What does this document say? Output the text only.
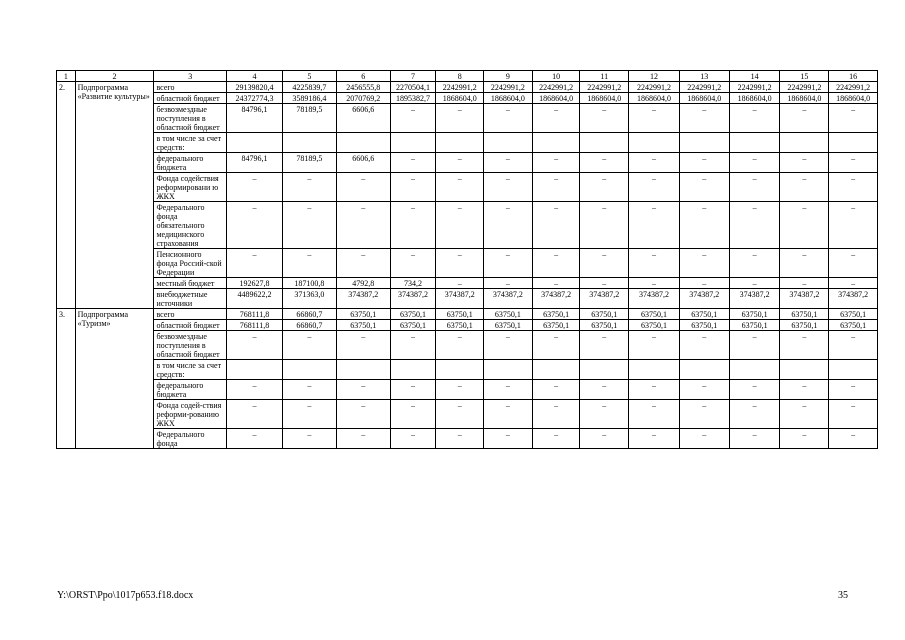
1	2	3	4	5	6	7	8	9	10	11	12	13	14	15	16
2.	Подпрограмма «Развитие культуры»	всего	29139820,4	4225839,7	2456555,8	2270504,1	2242991,2	2242991,2	2242991,2	2242991,2	2242991,2	2242991,2	2242991,2	2242991,2	2242991,2
		областной бюджет	24372774,3	3589186,4	2070769,2	1895382,7	1868604,0	1868604,0	1868604,0	1868604,0	1868604,0	1868604,0	1868604,0	1868604,0	1868604,0
		безвозмездные поступления в областной бюджет	84796,1	78189,5	6606,6	–	–	–	–	–	–	–	–	–	–
		в том числе за счет средств:													
		федерального бюджета	84796,1	78189,5	6606,6	–	–	–	–	–	–	–	–	–	–
		Фонда содействия реформировани ю ЖКХ	–	–	–	–	–	–	–	–	–	–	–	–	–
		Федерального фонда обязательного медицинского страхования	–	–	–	–	–	–	–	–	–	–	–	–	–
		Пенсионного фонда Россий-ской Федерации	–	–	–	–	–	–	–	–	–	–	–	–	–
		местный бюджет	192627,8	187100,8	4792,8	734,2	–	–	–	–	–	–	–	–	–
		внебюджетные источники	4489622,2	371363,0	374387,2	374387,2	374387,2	374387,2	374387,2	374387,2	374387,2	374387,2	374387,2	374387,2	374387,2
3.	Подпрограмма «Туризм»	всего	768111,8	66860,7	63750,1	63750,1	63750,1	63750,1	63750,1	63750,1	63750,1	63750,1	63750,1	63750,1	63750,1
		областной бюджет	768111,8	66860,7	63750,1	63750,1	63750,1	63750,1	63750,1	63750,1	63750,1	63750,1	63750,1	63750,1	63750,1
		безвозмездные поступления в областной бюджет	–	–	–	–	–	–	–	–	–	–	–	–	–
		в том числе за счет средств:													
		федерального бюджета	–	–	–	–	–	–	–	–	–	–	–	–	–
		Фонда содей-ствия реформи-рованию ЖКХ	–	–	–	–	–	–	–	–	–	–	–	–	–
		Федерального фонда	–	–	–	–	–	–	–	–	–	–	–	–	–
Y:\ORST\Ppo\1017p653.f18.docx	35
